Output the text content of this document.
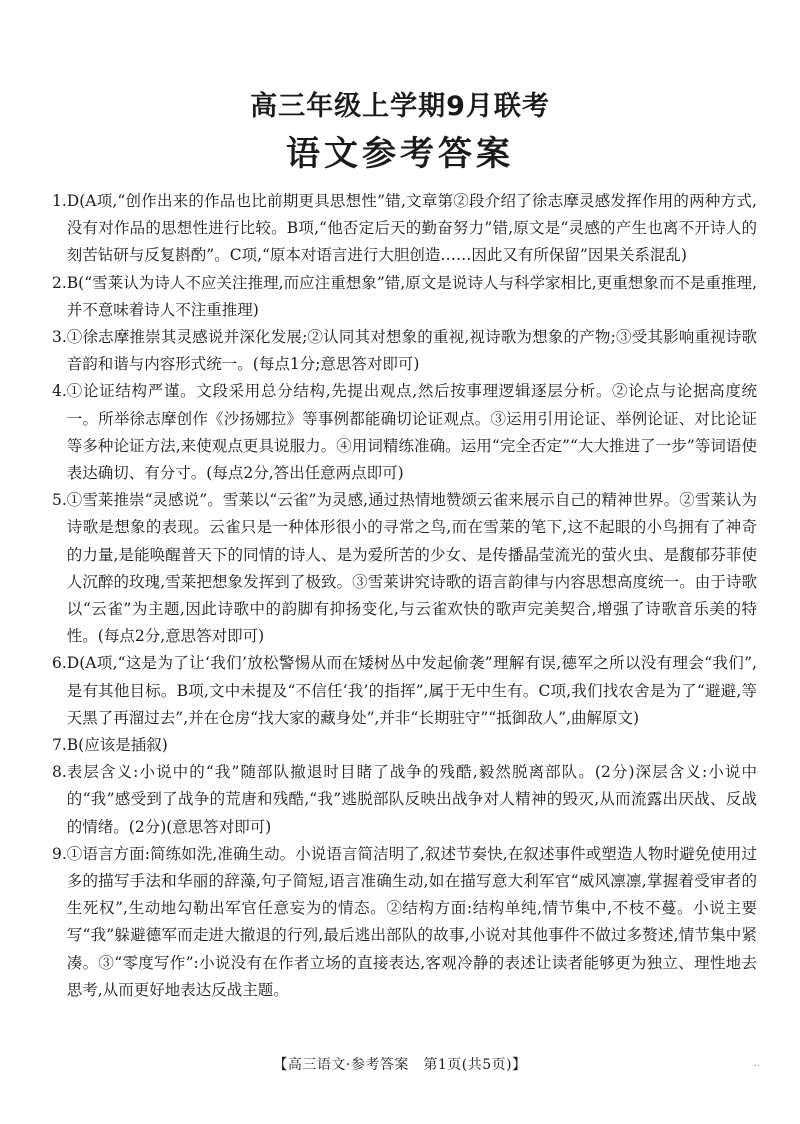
高三年级上学期9月联考
语文参考答案
1. D(A项,“创作出来的作品也比前期更具思想性”错,文章第②段介绍了徐志摩灵感发挥作用的两种方式,没有对作品的思想性进行比较。B项,“他否定后天的勤奋努力”错,原文是“灵感的产生也离不开诗人的刻苦钻研与反复斟酌”。C项,“原本对语言进行大胆创造……因此又有所保留”因果关系混乱)
2. B(“雪莱认为诗人不应关注推理,而应注重想象”错,原文是说诗人与科学家相比,更重想象而不是重推理,并不意味着诗人不注重推理)
3. ①徐志摩推崇其灵感说并深化发展;②认同其对想象的重视,视诗歌为想象的产物;③受其影响重视诗歌音韵和谐与内容形式统一。(每点1分;意思答对即可)
4. ①论证结构严谨。文段采用总分结构,先提出观点,然后按事理逻辑逐层分析。②论点与论据高度统一。所举徐志摩创作《沙扬娜拉》等事例都能确切论证观点。③运用引用论证、举例论证、对比论证等多种论证方法,来使观点更具说服力。④用词精练准确。运用“完全否定”“大大推进了一步”等词语使表达确切、有分寸。(每点2分,答出任意两点即可)
5. ①雪莱推崇“灵感说”。雪莱以“云雀”为灵感,通过热情地赞颂云雀来展示自己的精神世界。②雪莱认为诗歌是想象的表现。云雀只是一种体形很小的寻常之鸟,而在雪莱的笔下,这不起眼的小鸟拥有了神奇的力量,是能唤醒普天下的同情的诗人、是为爱所苦的少女、是传播晶莹流光的萤火虫、是馥郁芬菲使人沉醉的玫瑰,雪莱把想象发挥到了极致。③雪莱讲究诗歌的语言韵律与内容思想高度统一。由于诗歌以“云雀”为主题,因此诗歌中的韵脚有抑扬变化,与云雀欢快的歌声完美契合,增强了诗歌音乐美的特性。(每点2分,意思答对即可)
6. D(A项,“这是为了让‘我们’放松警惕从而在矮树丛中发起偷袭”理解有误,德军之所以没有理会“我们”,是有其他目标。B项,文中未提及“不信任‘我’的指挥”,属于无中生有。C项,我们找农舍是为了“避避,等天黑了再溜过去”,并在仓房“找大家的藏身处”,并非“长期驻守”“抵御敌人”,曲解原文)
7. B(应该是插叙)
8. 表层含义:小说中的“我”随部队撤退时目睹了战争的残酷,毅然脱离部队。(2分)深层含义:小说中的“我”感受到了战争的荒唐和残酷,“我”逃脱部队反映出战争对人精神的毁灭,从而流露出厌战、反战的情绪。(2分)(意思答对即可)
9. ①语言方面:简练如洗,准确生动。小说语言简洁明了,叙述节奏快,在叙述事件或塑造人物时避免使用过多的描写手法和华丽的辞藻,句子简短,语言准确生动,如在描写意大利军官“威风凛凛,掌握着受审者的生死权”,生动地勾勒出军官任意妄为的情态。②结构方面:结构单纯,情节集中,不枝不蔓。小说主要写“我”躲避德军而走进大撤退的行列,最后逃出部队的故事,小说对其他事件不做过多赘述,情节集中紧凑。③“零度写作”:小说没有在作者立场的直接表达,客观冷静的表述让读者能够更为独立、理性地去思考,从而更好地表达反战主题。
【高三语文·参考答案　第1页(共5页)】	..
